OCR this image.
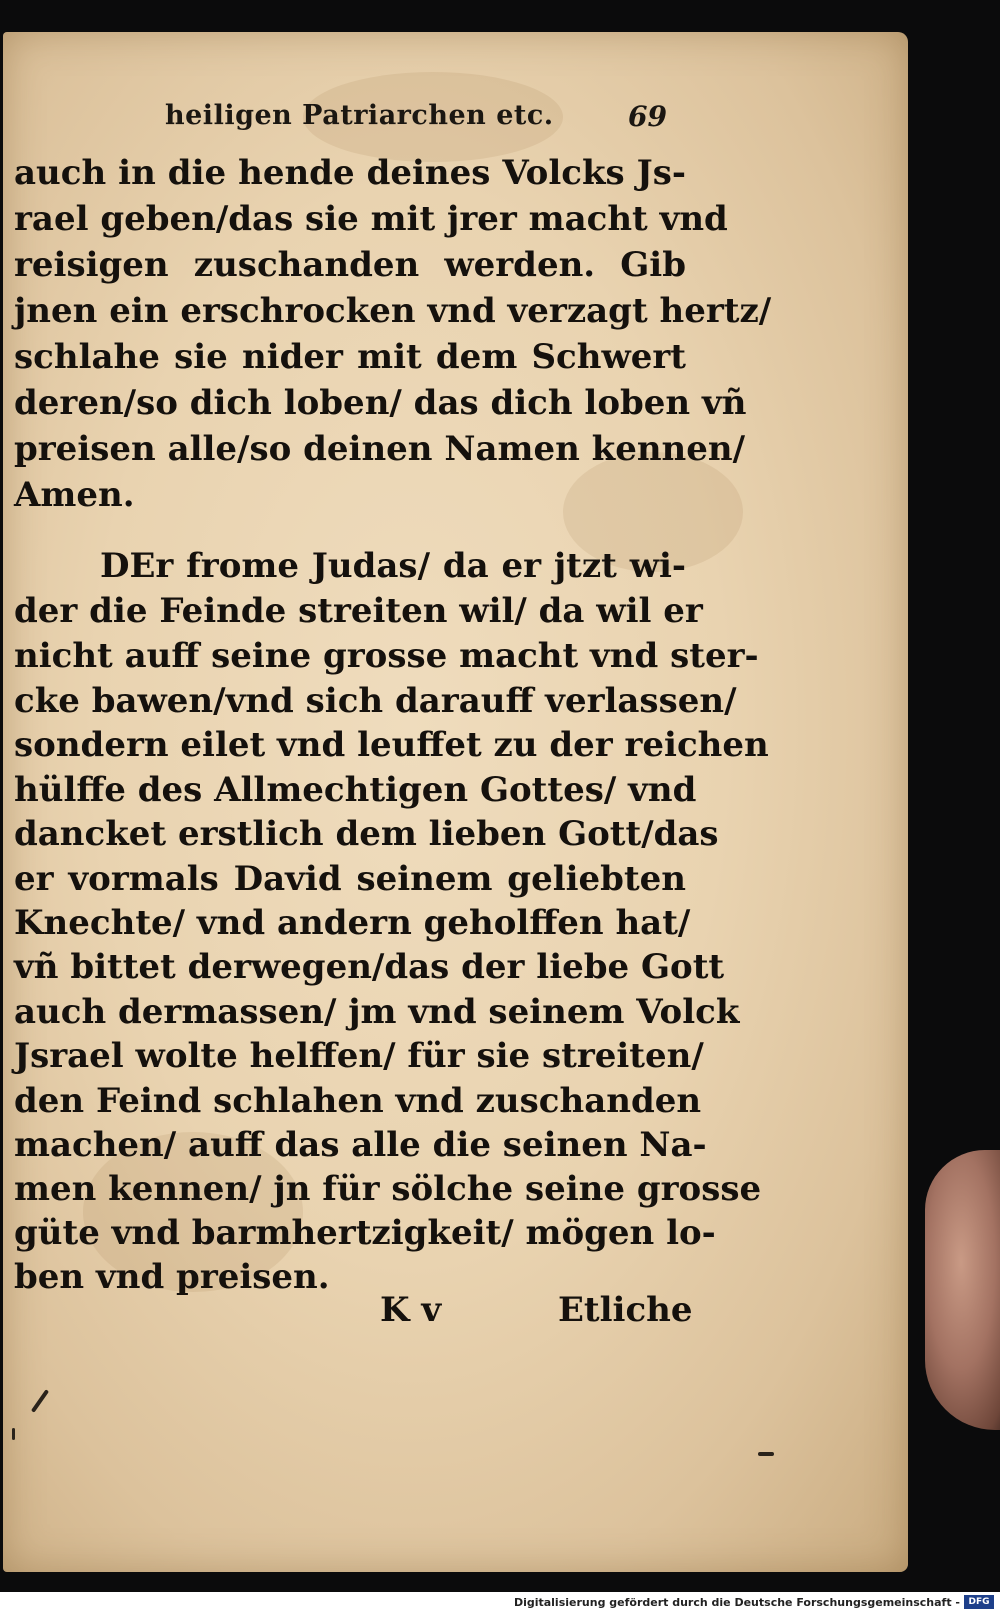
heiligen Patriarchen etc.	69
auch in die hende deines Volcks Js-
rael geben/das sie mit jrer macht vnd
reisigen zuschanden werden. Gib
jnen ein erschrocken vnd verzagt hertz/
schlahe sie nider mit dem Schwert
deren/so dich loben/ das dich loben vñ
preisen alle/so deinen Namen kennen/
Amen.
DEr frome Judas/ da er jtzt wi-
der die Feinde streiten wil/ da wil er
nicht auff seine grosse macht vnd ster-
cke bawen/vnd sich darauff verlassen/
sondern eilet vnd leuffet zu der reichen
hülffe des Allmechtigen Gottes/ vnd
dancket erstlich dem lieben Gott/das
er vormals David seinem geliebten
Knechte/ vnd andern geholffen hat/
vñ bittet derwegen/das der liebe Gott
auch dermassen/ jm vnd seinem Volck
Jsrael wolte helffen/ für sie streiten/
den Feind schlahen vnd zuschanden
machen/ auff das alle die seinen Na-
men kennen/ jn für sölche seine grosse
güte vnd barmhertzigkeit/ mögen lo-
ben vnd preisen.
K v	Etliche
Digitalisierung gefördert durch die Deutsche Forschungsgemeinschaft - DFG
